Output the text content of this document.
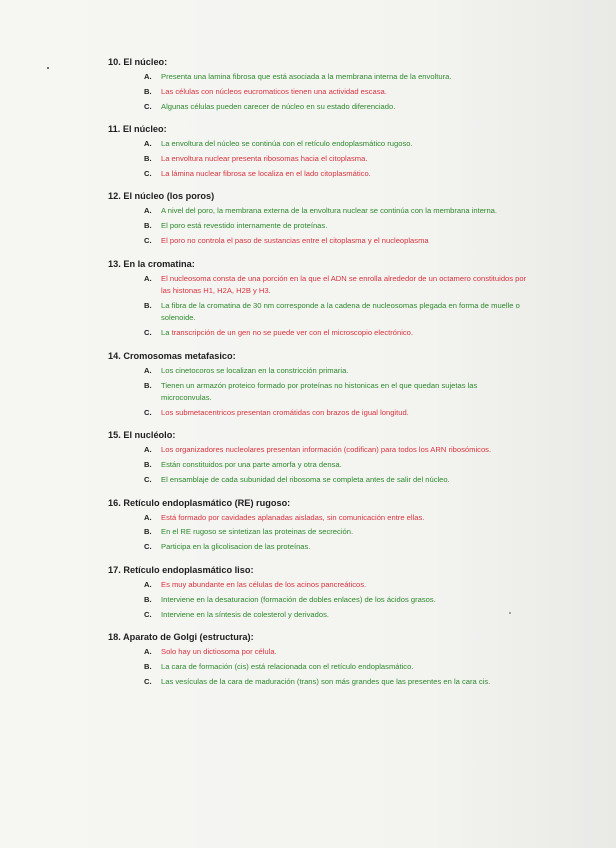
10. El núcleo:
A. Presenta una lamina fibrosa que está asociada a la membrana interna de la envoltura.
B. Las células con núcleos eucromaticos tienen una actividad escasa.
C. Algunas células pueden carecer de núcleo en su estado diferenciado.
11. El núcleo:
A. La envoltura del núcleo se continúa con el retículo endoplasmático rugoso.
B. La envoltura nuclear presenta ribosomas hacia el citoplasma.
C. La lámina nuclear fibrosa se localiza en el lado citoplasmático.
12. El núcleo (los poros)
A. A nivel del poro, la membrana externa de la envoltura nuclear se continúa con la membrana interna.
B. El poro está revestido internamente de proteínas.
C. El poro no controla el paso de sustancias entre el citoplasma y el nucleoplasma
13. En la cromatina:
A. El nucleosoma consta de una porción en la que el ADN se enrolla alrededor de un octamero constituidos por las histonas H1, H2A, H2B y H3.
B. La fibra de la cromatina de 30 nm corresponde a la cadena de nucleosomas plegada en forma de muelle o solenoide.
C. La transcripción de un gen no se puede ver con el microscopio electrónico.
14. Cromosomas metafasico:
A. Los cinetocoros se localizan en la constricción primaria.
B. Tienen un armazón proteico formado por proteínas no histonicas en el que quedan sujetas las microconvulas.
C. Los submetacentricos presentan cromátidas con brazos de igual longitud.
15. El nucléolo:
A. Los organizadores nucleolares presentan información (codifican) para todos los ARN ribosómicos.
B. Están constituidos por una parte amorfa y otra densa.
C. El ensamblaje de cada subunidad del ribosoma se completa antes de salir del núcleo.
16. Retículo endoplasmático (RE) rugoso:
A. Está formado por cavidades aplanadas aisladas, sin comunicación entre ellas.
B. En el RE rugoso se sintetizan las proteinas de secreción.
C. Participa en la glicolisacion de las proteínas.
17. Retículo endoplasmático liso:
A. Es muy abundante en las células de los acinos pancreáticos.
B. Interviene en la desaturacion (formación de dobles enlaces) de los ácidos grasos.
C. Interviene en la síntesis de colesterol y derivados.
18. Aparato de Golgi (estructura):
A. Solo hay un dictiosoma por célula.
B. La cara de formación (cis) está relacionada con el retículo endoplasmático.
C. Las vesículas de la cara de maduración (trans) son más grandes que las presentes en la cara cis.
